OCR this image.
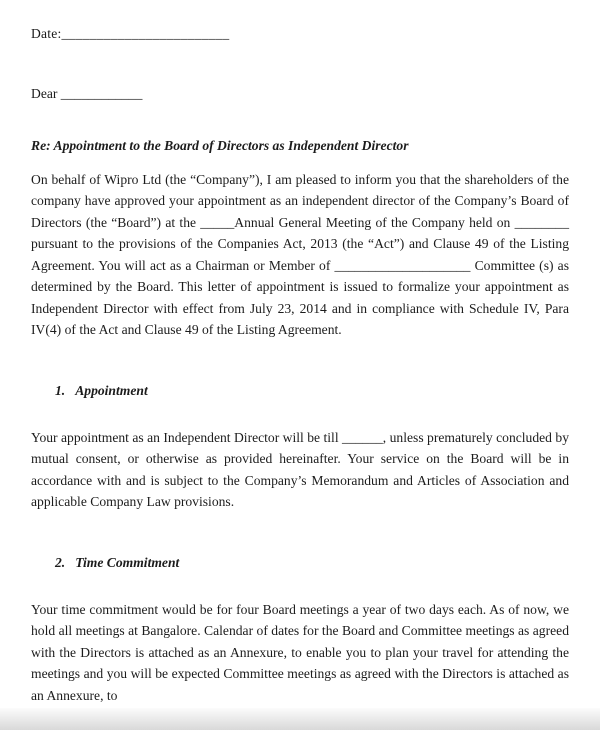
Date:________________________

Dear ____________

Re: Appointment to the Board of Directors as Independent Director

On behalf of Wipro Ltd (the “Company”), I am pleased to inform you that the shareholders of the company have approved your appointment as an independent director of the Company’s Board of Directors (the “Board”) at the _____Annual General Meeting of the Company held on ________ pursuant to the provisions of the Companies Act, 2013 (the “Act”) and Clause 49 of the Listing Agreement. You will act as a Chairman or Member of ____________________ Committee (s) as determined by the Board. This letter of appointment is issued to formalize your appointment as Independent Director with effect from July 23, 2014 and in compliance with Schedule IV, Para IV(4) of the Act and Clause 49 of the Listing Agreement.

1. Appointment

Your appointment as an Independent Director will be till ______, unless prematurely concluded by mutual consent, or otherwise as provided hereinafter. Your service on the Board will be in accordance with and is subject to the Company’s Memorandum and Articles of Association and applicable Company Law provisions.

2. Time Commitment

Your time commitment would be for four Board meetings a year of two days each. As of now, we hold all meetings at Bangalore. Calendar of dates for the Board and Committee meetings as agreed with the Directors is attached as an Annexure, to enable you to plan your travel for attending the meetings and you will be expected Committee meetings as agreed with the Directors is attached as an Annexure, to
